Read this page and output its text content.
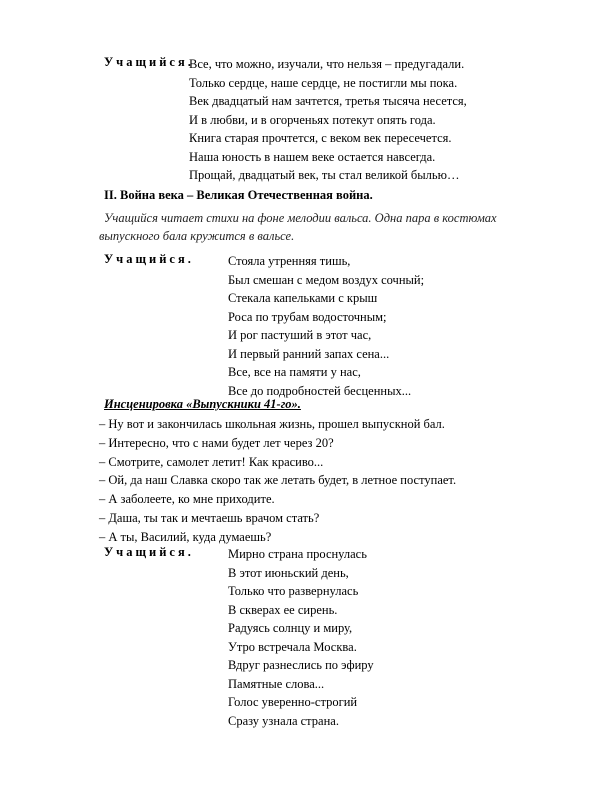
Учащийся.
Все, что можно, изучали, что нельзя – предугадали.
Только сердце, наше сердце, не постигли мы пока.
Век двадцатый нам зачтется, третья тысяча несется,
И в любви, и в огорченьях потекут опять года.
Книга старая прочтется, с веком век пересечется.
Наша юность в нашем веке остается навсегда.
Прощай, двадцатый век, ты стал великой былью…
II. Война века – Великая Отечественная война.

Учащийся читает стихи на фоне мелодии вальса. Одна пара в костюмах
выпускного бала кружится в вальсе.

Учащийся.	Стояла утренняя тишь,
Был смешан с медом воздух сочный;
Стекала капельками с крыш
Роса по трубам водосточным;
И рог пастуший в этот час,
И первый ранний запах сена...
Все, все на памяти у нас,
Все до подробностей бесценных...
Инсценировка «Выпускники 41-го».
– Ну вот и закончилась школьная жизнь, прошел выпускной бал.
– Интересно, что с нами будет лет через 20?
– Смотрите, самолет летит! Как красиво...
– Ой, да наш Славка скоро так же летать будет, в летное поступает.
– А заболеете, ко мне приходите.
– Даша, ты так и мечтаешь врачом стать?
– А ты, Василий, куда думаешь?
Учащийся.	Мирно страна проснулась
В этот июньский день,
Только что развернулась
В скверах ее сирень.
Радуясь солнцу и миру,
Утро встречала Москва.
Вдруг разнеслись по эфиру
Памятные слова...
Голос уверенно-строгий
Сразу узнала страна.
